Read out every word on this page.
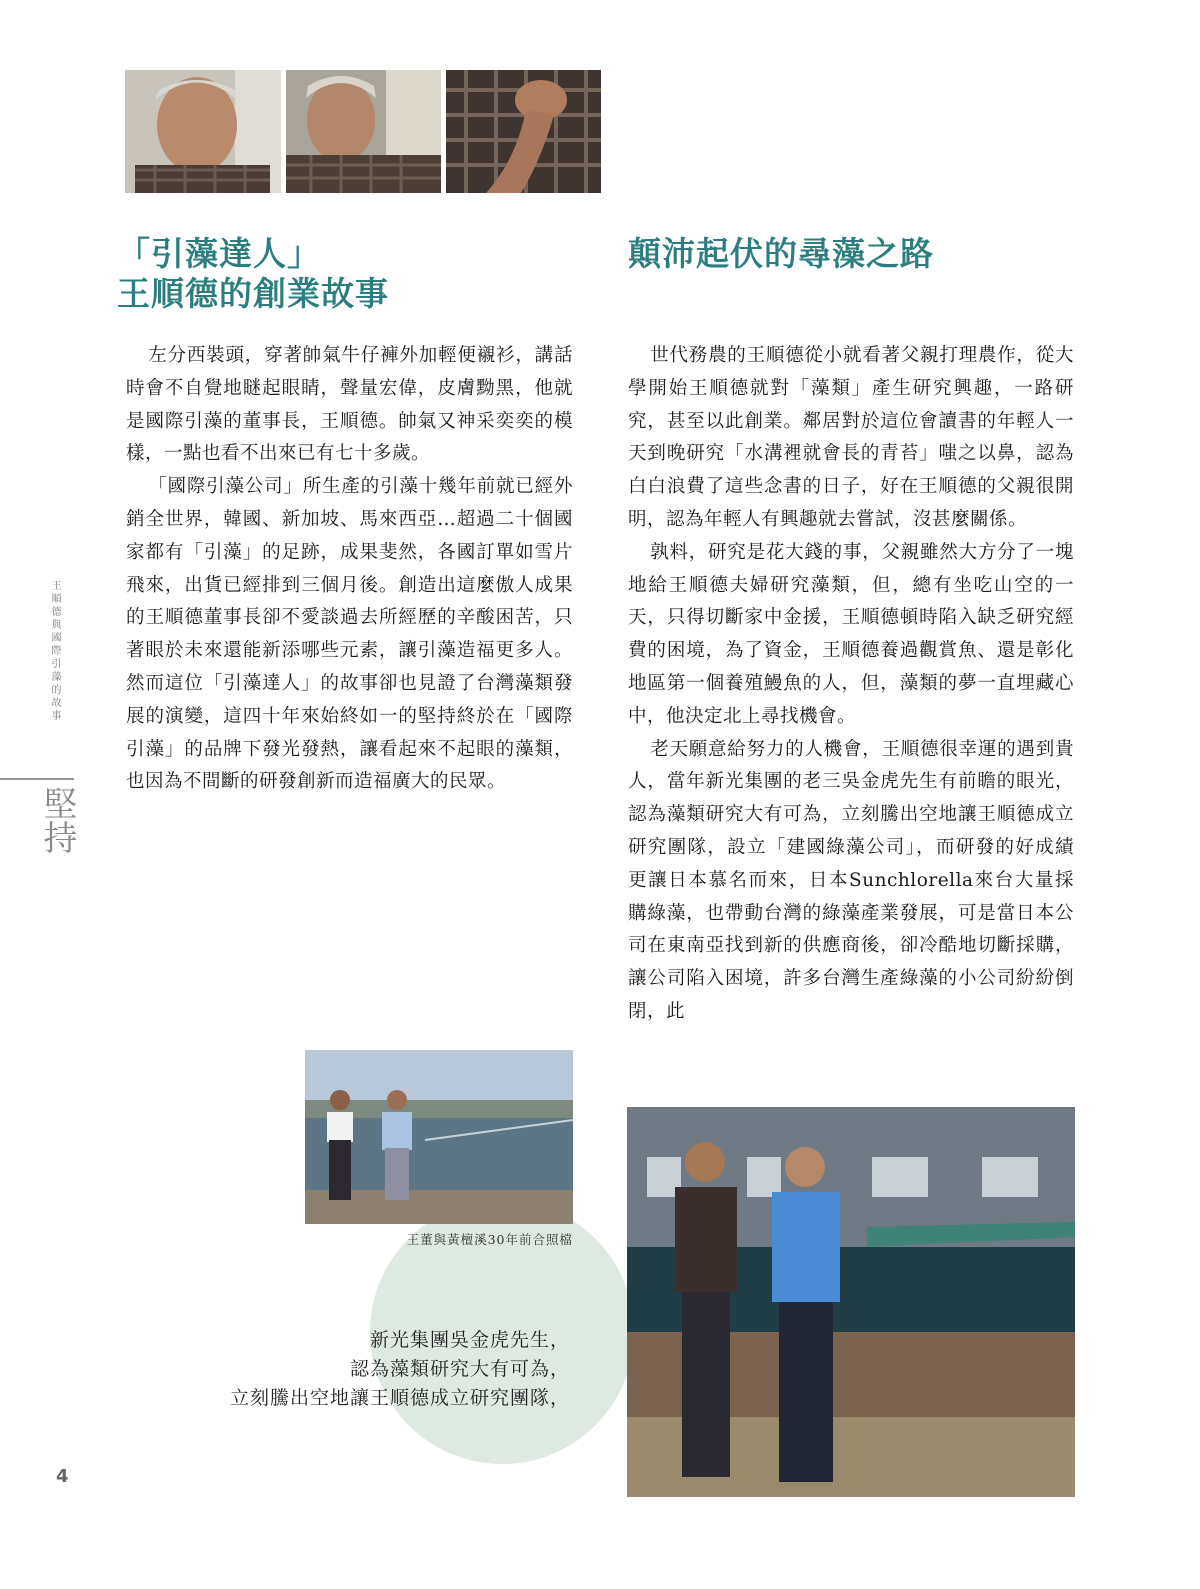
「引藻達人」
王順德的創業故事
顛沛起伏的尋藻之路

左分西裝頭，穿著帥氣牛仔褲外加輕便襯衫，講話時會不自覺地瞇起眼睛，聲量宏偉，皮膚黝黑，他就是國際引藻的董事長，王順德。帥氣又神采奕奕的模樣，一點也看不出來已有七十多歲。

「國際引藻公司」所生產的引藻十幾年前就已經外銷全世界，韓國、新加坡、馬來西亞…超過二十個國家都有「引藻」的足跡，成果斐然，各國訂單如雪片飛來，出貨已經排到三個月後。創造出這麼傲人成果的王順德董事長卻不愛談過去所經歷的辛酸困苦，只著眼於未來還能新添哪些元素，讓引藻造福更多人。然而這位「引藻達人」的故事卻也見證了台灣藻類發展的演變，這四十年來始終如一的堅持終於在「國際引藻」的品牌下發光發熱，讓看起來不起眼的藻類，也因為不間斷的研發創新而造福廣大的民眾。

世代務農的王順德從小就看著父親打理農作，從大學開始王順德就對「藻類」產生研究興趣，一路研究，甚至以此創業。鄰居對於這位會讀書的年輕人一天到晚研究「水溝裡就會長的青苔」嗤之以鼻，認為白白浪費了這些念書的日子，好在王順德的父親很開明，認為年輕人有興趣就去嘗試，沒甚麼關係。

孰料，研究是花大錢的事，父親雖然大方分了一塊地給王順德夫婦研究藻類，但，總有坐吃山空的一天，只得切斷家中金援，王順德頓時陷入缺乏研究經費的困境，為了資金，王順德養過觀賞魚、還是彰化地區第一個養殖鰻魚的人，但，藻類的夢一直埋藏心中，他決定北上尋找機會。

老天願意給努力的人機會，王順德很幸運的遇到貴人，當年新光集團的老三吳金虎先生有前瞻的眼光，認為藻類研究大有可為，立刻騰出空地讓王順德成立研究團隊，設立「建國綠藻公司」，而研發的好成績更讓日本慕名而來，日本Sunchlorella來台大量採購綠藻，也帶動台灣的綠藻產業發展，可是當日本公司在東南亞找到新的供應商後，卻冷酷地切斷採購，讓公司陷入困境，許多台灣生產綠藻的小公司紛紛倒閉，此

王順德與國際引藻的故事
堅持
王董與黃檀溪30年前合照檔
新光集團吳金虎先生，
認為藻類研究大有可為，
立刻騰出空地讓王順德成立研究團隊，
4
